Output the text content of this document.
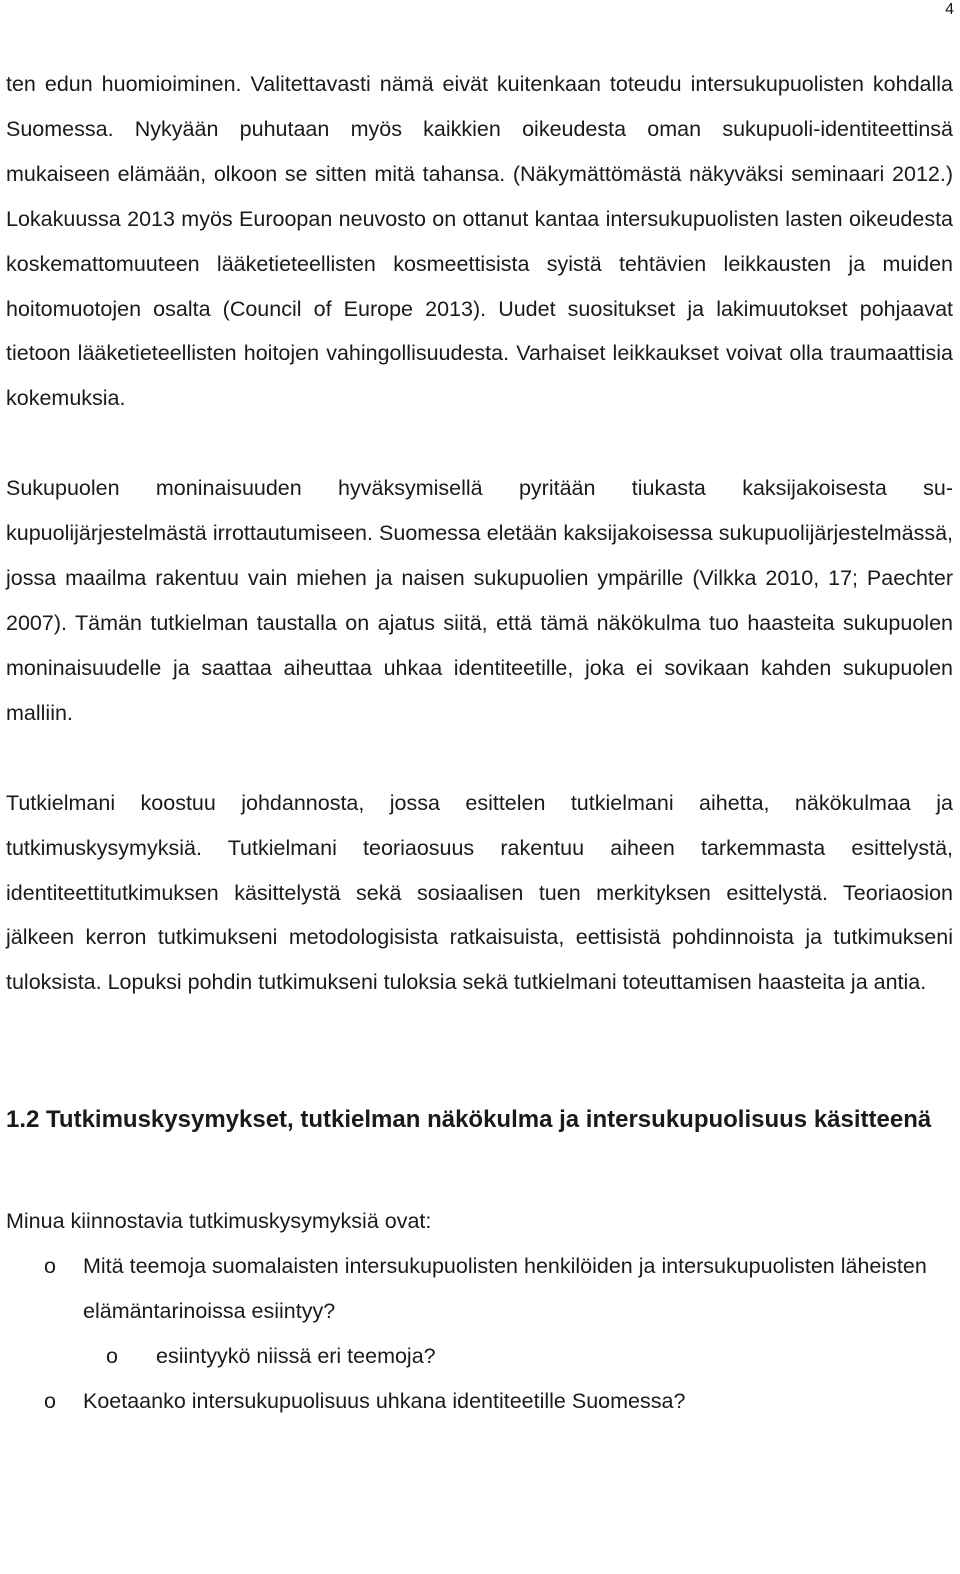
4

ten edun huomioiminen. Valitettavasti nämä eivät kuitenkaan toteudu intersukupuolisten kohdalla Suomessa. Nykyään puhutaan myös kaikkien oikeudesta oman sukupuoli-identiteettinsä mukaiseen elämään, olkoon se sitten mitä tahansa. (Näkymättömästä näkyväksi seminaari 2012.) Lokakuussa 2013 myös Euroopan neuvosto on ottanut kantaa intersukupuolisten lasten oikeudesta koskemattomuuteen lääketieteellisten kosmeettisista syistä tehtävien leikkausten ja muiden hoitomuotojen osalta (Council of Europe 2013). Uudet suositukset ja lakimuutokset pohjaavat tietoon lääketieteellisten hoitojen vahingollisuudesta. Varhaiset leikkaukset voivat olla traumaattisia kokemuksia.

Sukupuolen moninaisuuden hyväksymisellä pyritään tiukasta kaksijakoisesta sukupuolijärjestelmästä irrottautumiseen. Suomessa eletään kaksijakoisessa sukupuolijärjestelmässä, jossa maailma rakentuu vain miehen ja naisen sukupuolien ympärille (Vilkka 2010, 17; Paechter 2007). Tämän tutkielman taustalla on ajatus siitä, että tämä näkökulma tuo haasteita sukupuolen moninaisuudelle ja saattaa aiheuttaa uhkaa identiteetille, joka ei sovikaan kahden sukupuolen malliin.

Tutkielmani koostuu johdannosta, jossa esittelen tutkielmani aihetta, näkökulmaa ja tutkimuskysymyksiä. Tutkielmani teoriaosuus rakentuu aiheen tarkemmasta esittelystä, identiteettitutkimuksen käsittelystä sekä sosiaalisen tuen merkityksen esittelystä. Teoriaosion jälkeen kerron tutkimukseni metodologisista ratkaisuista, eettisistä pohdinnoista ja tutkimukseni tuloksista. Lopuksi pohdin tutkimukseni tuloksia sekä tutkielmani toteuttamisen haasteita ja antia.

1.2 Tutkimuskysymykset, tutkielman näkökulma ja intersukupuolisuus käsitteenä

Minua kiinnostavia tutkimuskysymyksiä ovat:

o Mitä teemoja suomalaisten intersukupuolisten henkilöiden ja intersukupuolisten läheisten elämäntarinoissa esiintyy?
o esiintyykö niissä eri teemoja?
o Koetaanko intersukupuolisuus uhkana identiteetille Suomessa?
